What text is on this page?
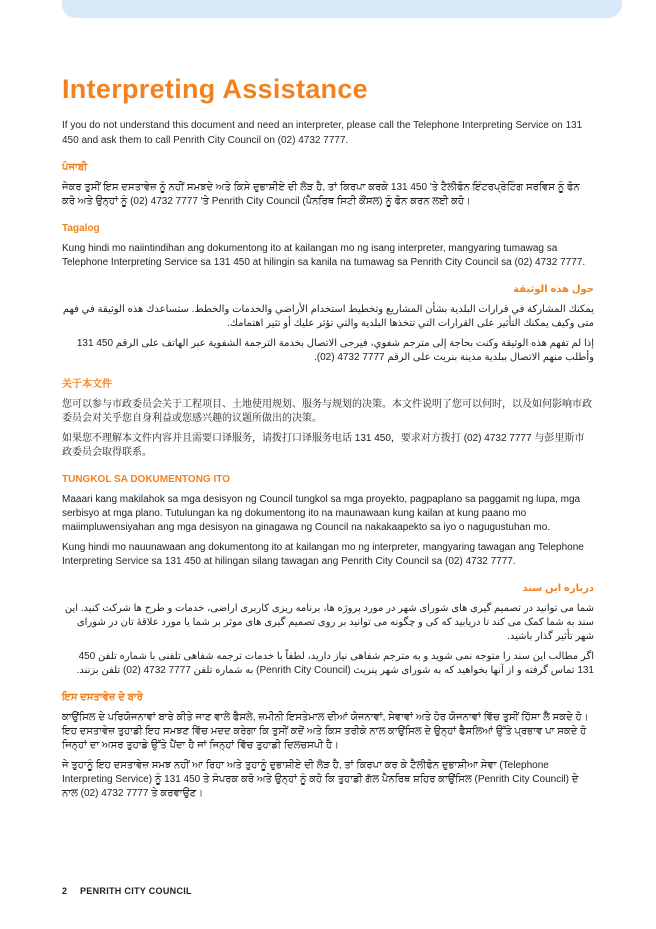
Interpreting Assistance

If you do not understand this document and need an interpreter, please call the Telephone Interpreting Service on 131 450 and ask them to call Penrith City Council on (02) 4732 7777.

ਪੰਜਾਬੀ

ਜੇਕਰ ਤੁਸੀਂ ਇਸ ਦਸਤਾਵੇਜ਼ ਨੂੰ ਨਹੀਂ ਸਮਝਦੇ ਅਤੇ ਕਿਸੇ ਦੁਭਾਸ਼ੀਏ ਦੀ ਲੋੜ ਹੈ, ਤਾਂ ਕਿਰਪਾ ਕਰਕੇ 131 450 'ਤੇ ਟੈਲੀਫੋਨ ਇੰਟਰਪ੍ਰੇਟਿੰਗ ਸਰਵਿਸ ਨੂੰ ਫੋਨ ਕਰੋ ਅਤੇ ਉਨ੍ਹਾਂ ਨੂੰ (02) 4732 7777 'ਤੇ Penrith City Council (ਪੈਨਰਿਥ ਸਿਟੀ ਕੌਂਸਲ) ਨੂੰ ਫੋਨ ਕਰਨ ਲਈ ਕਹੋ।

Tagalog

Kung hindi mo naiintindihan ang dokumentong ito at kailangan mo ng isang interpreter, mangyaring tumawag sa Telephone Interpreting Service sa 131 450 at hilingin sa kanila na tumawag sa Penrith City Council sa (02) 4732 7777.

حول هذه الوثيقة

يمكنك المشاركة في قرارات البلدية بشأن المشاريع وتخطيط استخدام الأراضي والخدمات والخطط. ستساعدك هذه الوثيقة في فهم متى وكيف يمكنك التأثير على القرارات التي تتخذها البلدية والتي تؤثر عليك أو تثير اهتمامك.

إذا لم تفهم هذه الوثيقة وكنت بحاجة إلى مترجم شفوي، فيرجى الاتصال بخدمة الترجمة الشفوية عبر الهاتف على الرقم 450 131 وأطلب منهم الاتصال ببلدية مدينة بنريث على الرقم 7777 4732 (02).

关于本文件

您可以参与市政委员会关于工程项目、土地使用规划、服务与规划的决策。本文件说明了您可以何时，以及如何影响市政委员会对关乎您自身利益或您感兴趣的议题所做出的决策。

如果您不理解本文件内容并且需要口译服务，请拨打口译服务电话 131 450，要求对方拨打 (02) 4732 7777 与彭里斯市政委员会取得联系。

TUNGKOL SA DOKUMENTONG ITO

Maaari kang makilahok sa mga desisyon ng Council tungkol sa mga proyekto, pagpaplano sa paggamit ng lupa, mga serbisyo at mga plano. Tutulungan ka ng dokumentong ito na maunawaan kung kailan at kung paano mo maiimpluwensiyahan ang mga desisyon na ginagawa ng Council na nakakaapekto sa iyo o nagugustuhan mo.

Kung hindi mo nauunawaan ang dokumentong ito at kailangan mo ng interpreter, mangyaring tawagan ang Telephone Interpreting Service sa 131 450 at hilingan silang tawagan ang Penrith City Council sa (02) 4732 7777.

درباره این سند

شما می توانید در تصمیم گیری های شورای شهر در مورد پروژه ها، برنامه ریزی کاربری اراضی، خدمات و طرح ها شرکت کنید. این سند به شما کمک می کند تا دریابید که کی و چگونه می توانید بر روی تصمیم گیری های موثر بر شما یا مورد علاقهٔ تان در شورای شهر تأثیر گذار باشید.

اگر مطالب این سند را متوجه نمی شوید و به مترجم شفاهی نیاز دارید، لطفاً با خدمات ترجمه شفاهی تلفنی با شماره تلفن 450 131 تماس گرفته و از آنها بخواهید که به شورای شهر پنریث (Penrith City Council) به شماره تلفن 7777 4732 (02) تلفن بزنند.

ਇਸ ਦਸਤਾਵੇਜ਼ ਦੇ ਬਾਰੇ

ਕਾਉਂਸਿਲ ਦੇ ਪਰਿਯੋਜਨਾਵਾਂ ਬਾਰੇ ਕੀਤੇ ਜਾਣ ਵਾਲੇ ਫੈਸਲੇ, ਜ਼ਮੀਨੀ ਇਸਤੇਮਾਲ ਦੀਆਂ ਯੋਜਨਾਵਾਂ, ਸੇਵਾਵਾਂ ਅਤੇ ਹੋਰ ਯੋਜਨਾਵਾਂ ਵਿੱਚ ਤੁਸੀਂ ਹਿੱਸਾ ਲੈ ਸਕਦੇ ਹੋ। ਇਹ ਦਸਤਾਵੇਜ਼ ਤੁਹਾਡੀ ਇਹ ਸਮਝਣ ਵਿੱਚ ਮਦਦ ਕਰੇਗਾ ਕਿ ਤੁਸੀਂ ਕਦੋਂ ਅਤੇ ਕਿਸ ਤਰੀਕੇ ਨਾਲ ਕਾਉਂਸਿਲ ਦੇ ਉਨ੍ਹਾਂ ਫੈਸਲਿਆਂ ਉੱਤੇ ਪ੍ਰਭਾਵ ਪਾ ਸਕਦੇ ਹੋ ਜਿਨ੍ਹਾਂ ਦਾ ਅਸਰ ਤੁਹਾਡੇ ਉੱਤੇ ਪੈਂਦਾ ਹੈ ਜਾਂ ਜਿਨ੍ਹਾਂ ਵਿੱਚ ਤੁਹਾਡੀ ਦਿਲਚਸਪੀ ਹੈ।

ਜੇ ਤੁਹਾਨੂੰ ਇਹ ਦਸਤਾਵੇਜ਼ ਸਮਝ ਨਹੀਂ ਆ ਰਿਹਾ ਅਤੇ ਤੁਹਾਨੂੰ ਦੁਭਾਸ਼ੀਏ ਦੀ ਲੋੜ ਹੈ, ਤਾਂ ਕਿਰਪਾ ਕਰ ਕੇ ਟੈਲੀਫੋਨ ਦੁਭਾਸ਼ੀਆ ਸੇਵਾ (Telephone Interpreting Service) ਨੂੰ 131 450 ਤੇ ਸੰਪਰਕ ਕਰੋ ਅਤੇ ਉਨ੍ਹਾਂ ਨੂੰ ਕਹੋ ਕਿ ਤੁਹਾਡੀ ਗੱਲ ਪੈਨਰਿਥ ਸ਼ਹਿਰ ਕਾਉਂਸਿਲ (Penrith City Council) ਦੇ ਨਾਲ (02) 4732 7777 ਤੇ ਕਰਵਾਉਣ।

2 PENRITH CITY COUNCIL
